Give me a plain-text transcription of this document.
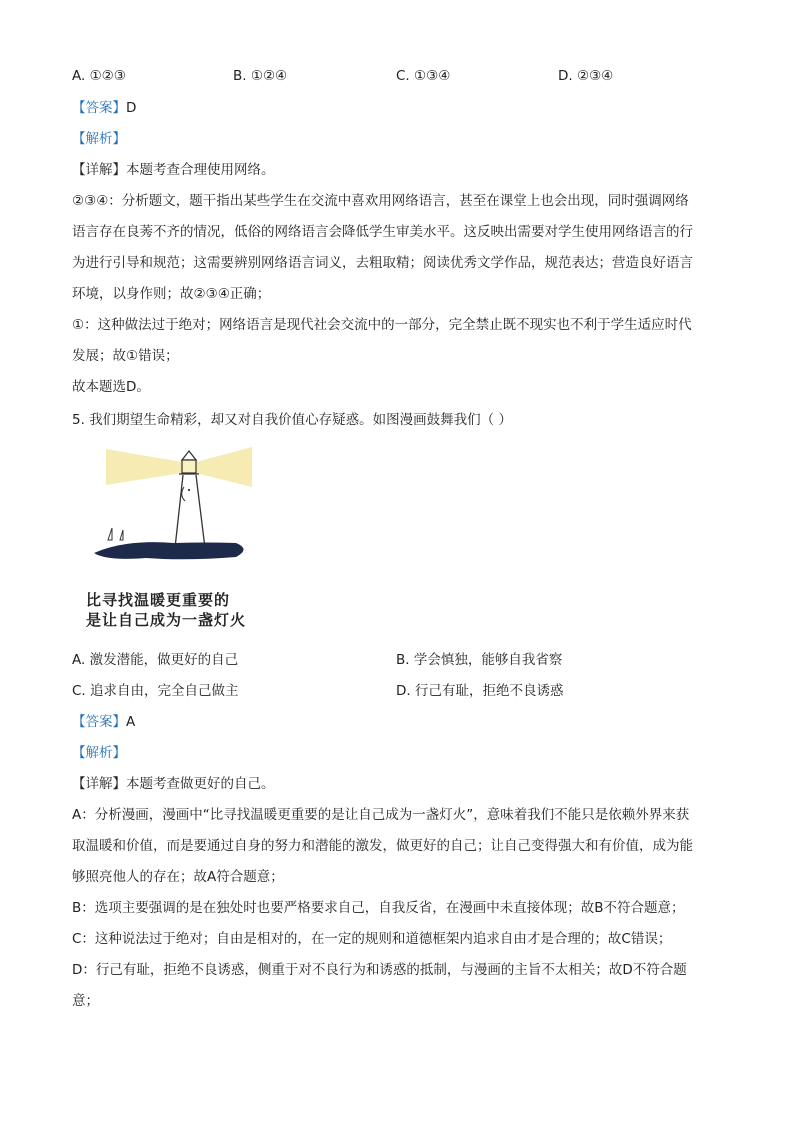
A. ①②③	B. ①②④	C. ①③④	D. ②③④
【答案】D
【解析】
【详解】本题考查合理使用网络。
②③④：分析题文，题干指出某些学生在交流中喜欢用网络语言，甚至在课堂上也会出现，同时强调网络
语言存在良莠不齐的情况，低俗的网络语言会降低学生审美水平。这反映出需要对学生使用网络语言的行
为进行引导和规范；这需要辨别网络语言词义，去粗取精；阅读优秀文学作品，规范表达；营造良好语言
环境，以身作则；故②③④正确；
①：这种做法过于绝对；网络语言是现代社会交流中的一部分，完全禁止既不现实也不利于学生适应时代
发展；故①错误；
故本题选D。
5. 我们期望生命精彩，却又对自我价值心存疑惑。如图漫画鼓舞我们（ ）
比寻找温暖更重要的
是让自己成为一盏灯火
A. 激发潜能，做更好的自己	B. 学会慎独，能够自我省察
C. 追求自由，完全自己做主	D. 行己有耻，拒绝不良诱惑
【答案】A
【解析】
【详解】本题考查做更好的自己。
A：分析漫画，漫画中“比寻找温暖更重要的是让自己成为一盏灯火”，意味着我们不能只是依赖外界来获
取温暖和价值，而是要通过自身的努力和潜能的激发，做更好的自己；让自己变得强大和有价值，成为能
够照亮他人的存在；故A符合题意；
B：选项主要强调的是在独处时也要严格要求自己，自我反省，在漫画中未直接体现；故B不符合题意；
C：这种说法过于绝对；自由是相对的，在一定的规则和道德框架内追求自由才是合理的；故C错误；
D：行己有耻，拒绝不良诱惑，侧重于对不良行为和诱惑的抵制，与漫画的主旨不太相关；故D不符合题
意；
